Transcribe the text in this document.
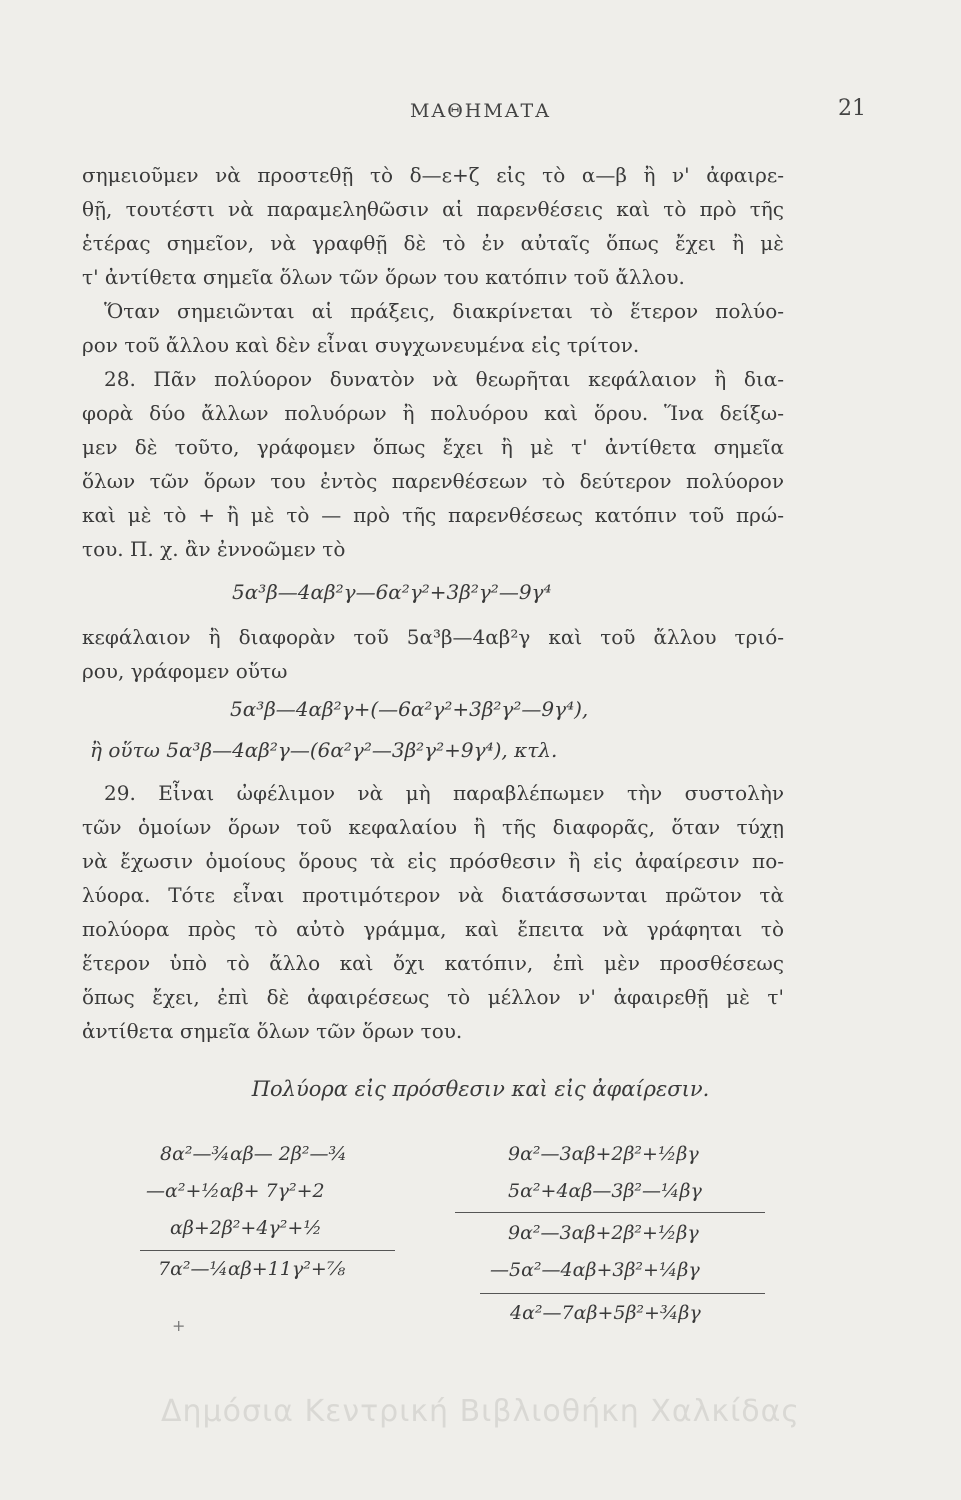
ΜΑΘΗΜΑΤΑ	21
σημειοῦμεν νὰ προστεθῇ τὸ δ—ε+ζ εἰς τὸ α—β ἢ ν' ἀφαιρε-
θῇ, τουτέστι νὰ παραμεληθῶσιν αἱ παρενθέσεις καὶ τὸ πρὸ τῆς
ἑτέρας σημεῖον, νὰ γραφθῇ δὲ τὸ ἐν αὐταῖς ὅπως ἔχει ἢ μὲ
τ' ἀντίθετα σημεῖα ὅλων τῶν ὅρων του κατόπιν τοῦ ἄλλου.
Ὅταν σημειῶνται αἱ πράξεις, διακρίνεται τὸ ἕτερον πολύο-
ρον τοῦ ἄλλου καὶ δὲν εἶναι συγχωνευμένα εἰς τρίτον.
28. Πᾶν πολύορον δυνατὸν νὰ θεωρῆται κεφάλαιον ἢ δια-
φορὰ δύο ἄλλων πολυόρων ἢ πολυόρου καὶ ὅρου. Ἵνα δείξω-
μεν δὲ τοῦτο, γράφομεν ὅπως ἔχει ἢ μὲ τ' ἀντίθετα σημεῖα
ὅλων τῶν ὅρων του ἐντὸς παρενθέσεων τὸ δεύτερον πολύορον
καὶ μὲ τὸ + ἢ μὲ τὸ — πρὸ τῆς παρενθέσεως κατόπιν τοῦ πρώ-
του. Π. χ. ἂν ἐννοῶμεν τὸ
5α³β—4αβ²γ—6α²γ²+3β²γ²—9γ⁴
κεφάλαιον ἢ διαφορὰν τοῦ 5α³β—4αβ²γ καὶ τοῦ ἄλλου τριό-
ρου, γράφομεν οὕτω
5α³β—4αβ²γ+(—6α²γ²+3β²γ²—9γ⁴),
ἢ οὕτω 5α³β—4αβ²γ—(6α²γ²—3β²γ²+9γ⁴), κτλ.
29. Εἶναι ὠφέλιμον νὰ μὴ παραβλέπωμεν τὴν συστολὴν
τῶν ὁμοίων ὅρων τοῦ κεφαλαίου ἢ τῆς διαφορᾶς, ὅταν τύχῃ
νὰ ἔχωσιν ὁμοίους ὅρους τὰ εἰς πρόσθεσιν ἢ εἰς ἀφαίρεσιν πο-
λύορα. Τότε εἶναι προτιμότερον νὰ διατάσσωνται πρῶτον τὰ
πολύορα πρὸς τὸ αὐτὸ γράμμα, καὶ ἔπειτα νὰ γράφηται τὸ
ἕτερον ὑπὸ τὸ ἄλλο καὶ ὄχι κατόπιν, ἐπὶ μὲν προσθέσεως
ὅπως ἔχει, ἐπὶ δὲ ἀφαιρέσεως τὸ μέλλον ν' ἀφαιρεθῇ μὲ τ'
ἀντίθετα σημεῖα ὅλων τῶν ὅρων του.
Πολύορα εἰς πρόσθεσιν καὶ εἰς ἀφαίρεσιν.
8α²—¾αβ— 2β²—¾
—α²+½αβ+ 7γ²+2
αβ+2β²+4γ²+½
7α²—¼αβ+11γ²+⅞
9α²—3αβ+2β²+½βγ
5α²+4αβ—3β²—¼βγ
9α²—3αβ+2β²+½βγ
—5α²—4αβ+3β²+¼βγ
4α²—7αβ+5β²+¾βγ
+
Δημόσια Κεντρική Βιβλιοθήκη Χαλκίδας
